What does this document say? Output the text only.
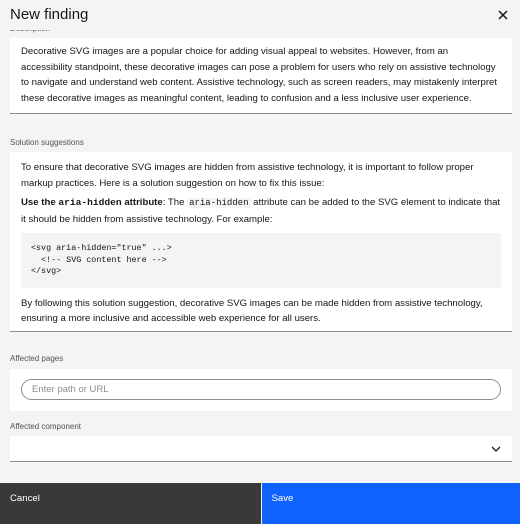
Decorative SVG images are a popular choice for adding visual appeal to websites. However, from an accessibility standpoint, these decorative images can pose a problem for users who rely on assistive technology to navigate and understand web content. Assistive technology, such as screen readers, may mistakenly interpret these decorative images as meaningful content, leading to confusion and a less inclusive user experience.

Solution suggestions

To ensure that decorative SVG images are hidden from assistive technology, it is important to follow proper markup practices. Here is a solution suggestion on how to fix this issue:

Use the aria-hidden attribute: The aria-hidden attribute can be added to the SVG element to indicate that it should be hidden from assistive technology. For example:

<svg aria-hidden="true" ...>
<!-- SVG content here -->
</svg>

By following this solution suggestion, decorative SVG images can be made hidden from assistive technology, ensuring a more inclusive and accessible web experience for all users.

Affected pages
Enter path or URL
Affected component
New finding
Cancel	Save
